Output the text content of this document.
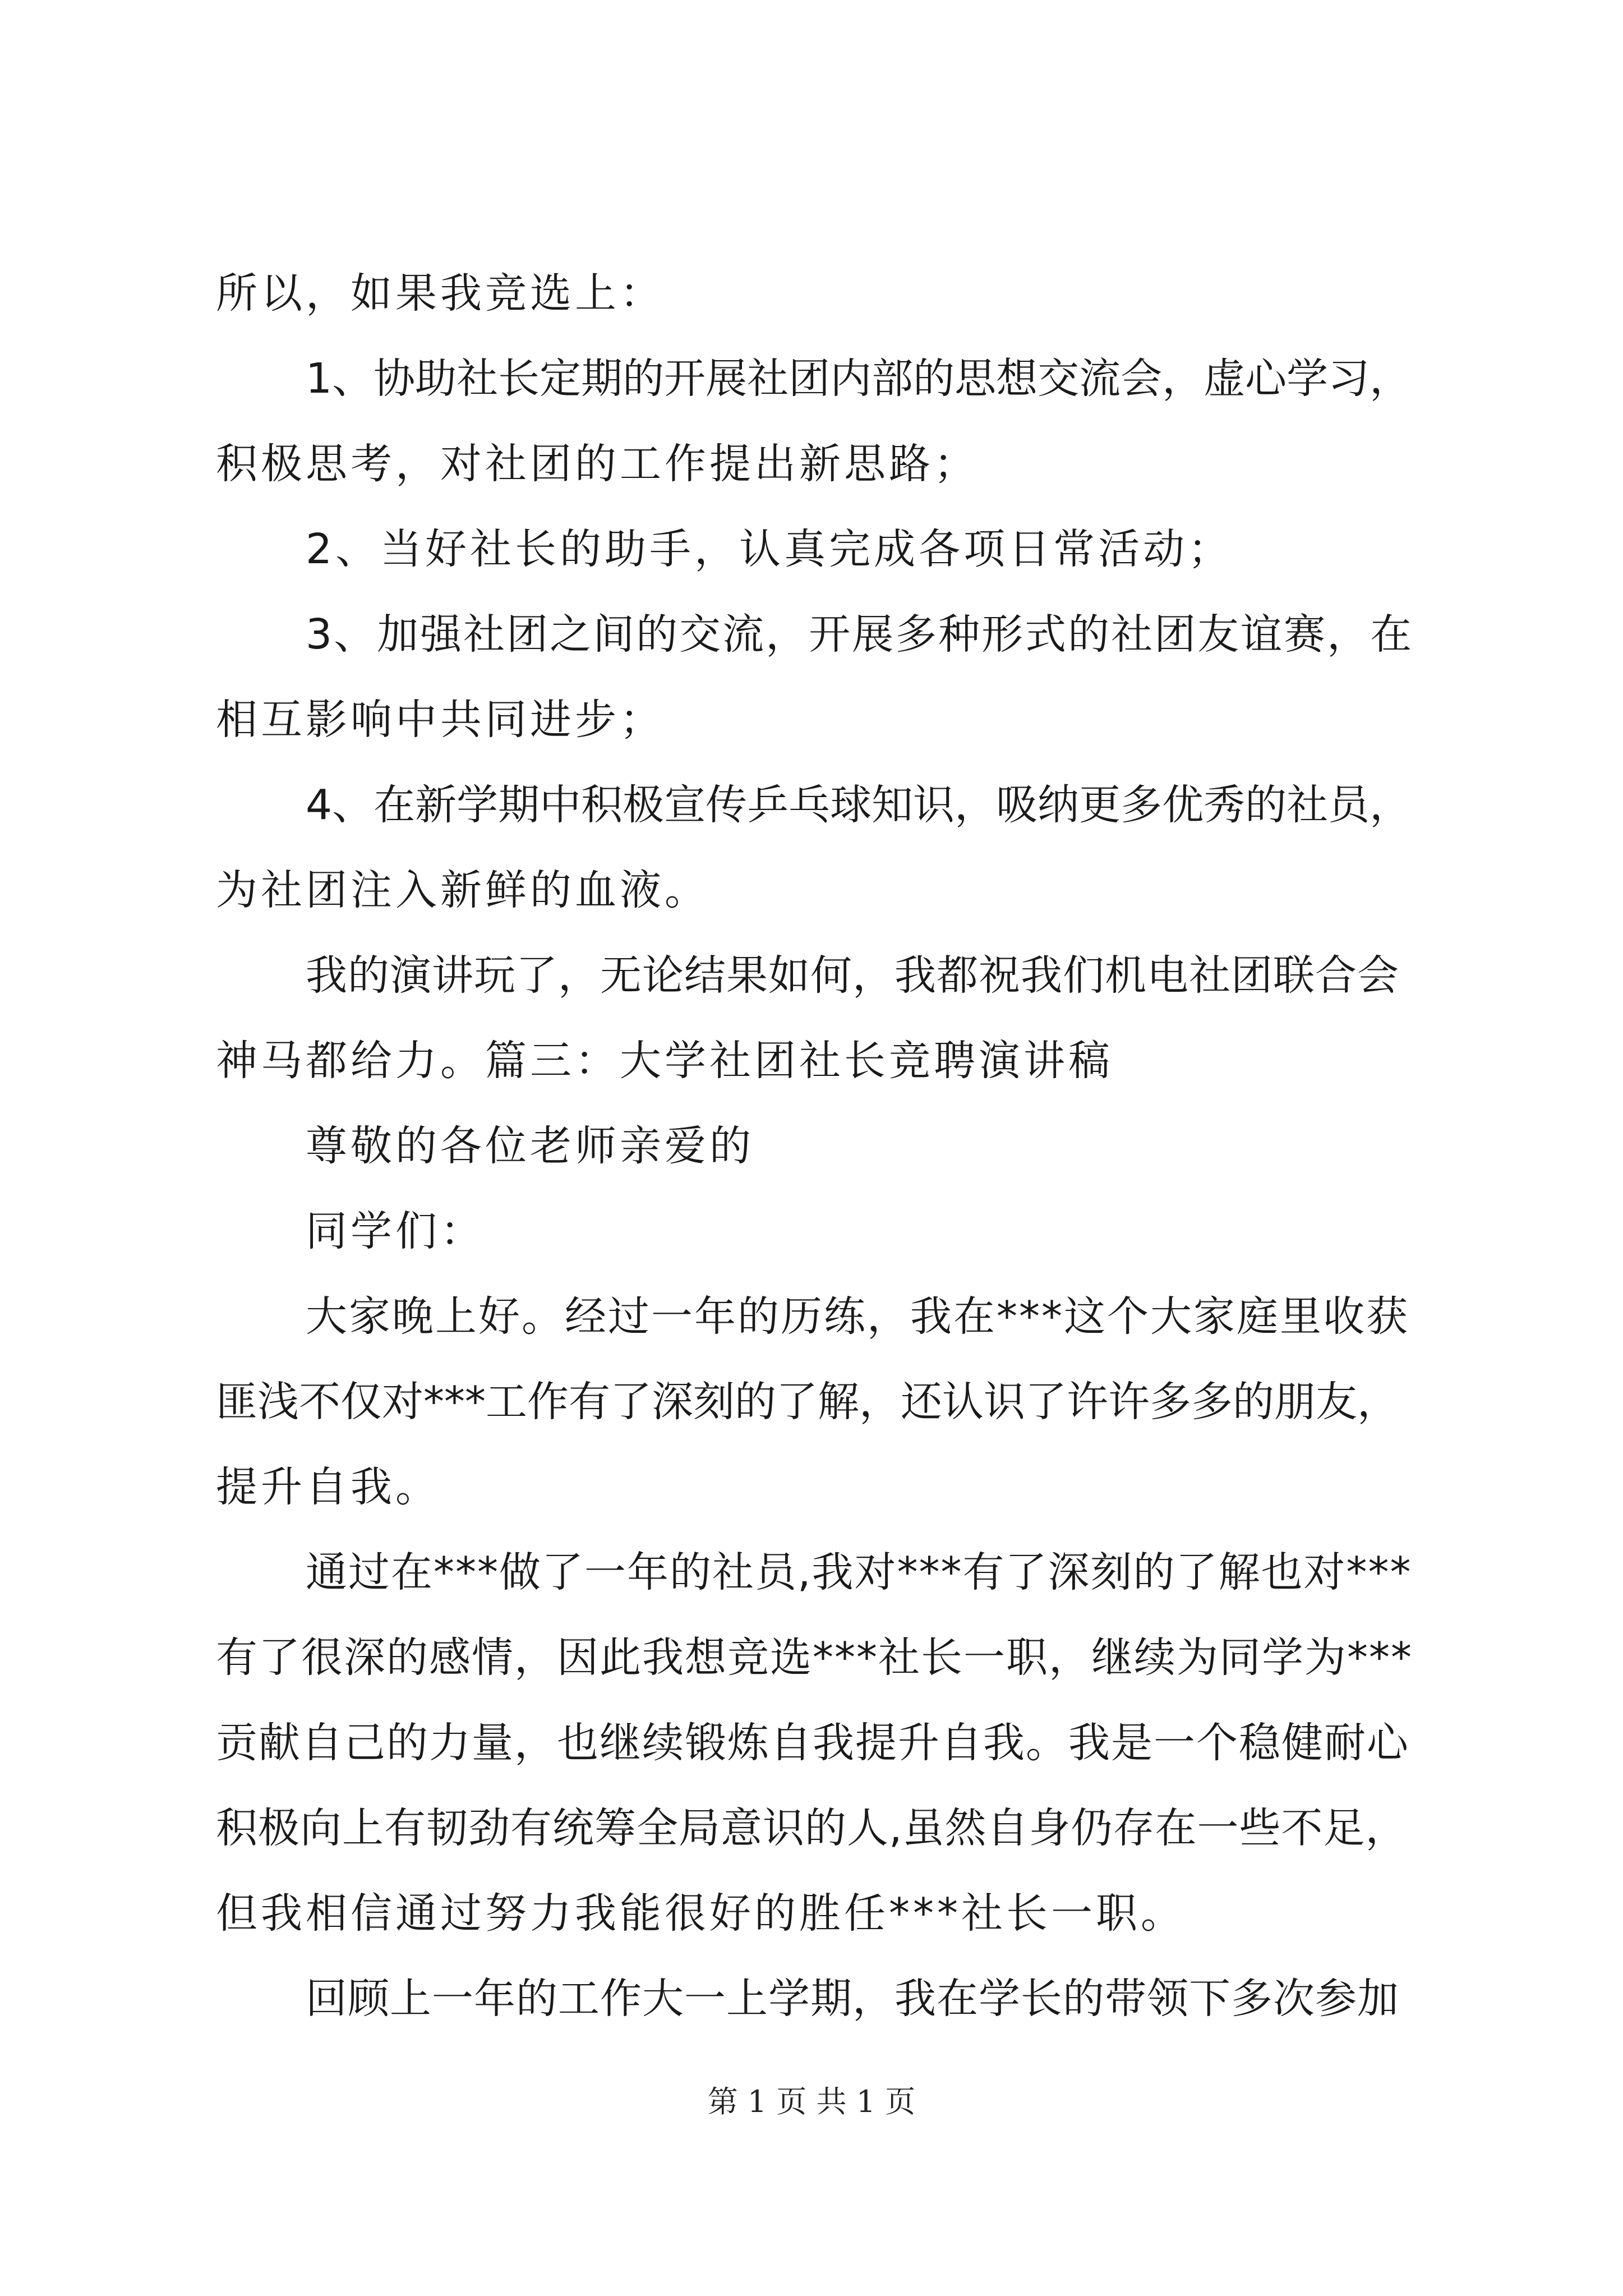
所以，如果我竞选上：
1、协助社长定期的开展社团内部的思想交流会，虚心学习，
积极思考，对社团的工作提出新思路；
2、当好社长的助手，认真完成各项日常活动；
3、加强社团之间的交流，开展多种形式的社团友谊赛，在
相互影响中共同进步；
4、在新学期中积极宣传乒乓球知识，吸纳更多优秀的社员，
为社团注入新鲜的血液。
我的演讲玩了，无论结果如何，我都祝我们机电社团联合会
神马都给力。篇三：大学社团社长竞聘演讲稿
尊敬的各位老师亲爱的
同学们：
大家晚上好。经过一年的历练，我在***这个大家庭里收获
匪浅不仅对***工作有了深刻的了解，还认识了许许多多的朋友，
提升自我。
通过在***做了一年的社员,我对***有了深刻的了解也对***
有了很深的感情，因此我想竞选***社长一职，继续为同学为***
贡献自己的力量，也继续锻炼自我提升自我。我是一个稳健耐心
积极向上有韧劲有统筹全局意识的人,虽然自身仍存在一些不足，
但我相信通过努力我能很好的胜任***社长一职。
回顾上一年的工作大一上学期，我在学长的带领下多次参加
第 1 页 共 1 页
